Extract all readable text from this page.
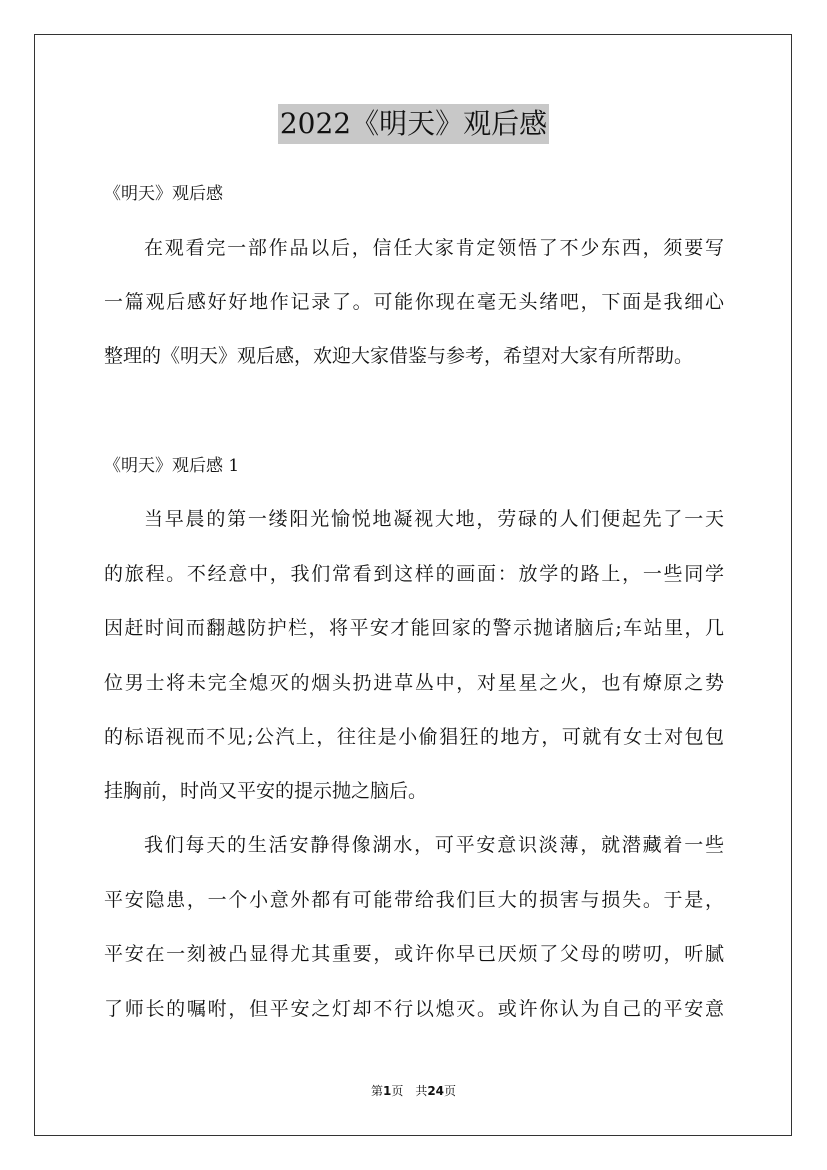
2022《明天》观后感
《明天》观后感
在观看完一部作品以后，信任大家肯定领悟了不少东西，须要写
一篇观后感好好地作记录了。可能你现在毫无头绪吧，下面是我细心
整理的《明天》观后感，欢迎大家借鉴与参考，希望对大家有所帮助。
《明天》观后感 1
当早晨的第一缕阳光愉悦地凝视大地，劳碌的人们便起先了一天
的旅程。不经意中，我们常看到这样的画面：放学的路上，一些同学
因赶时间而翻越防护栏，将平安才能回家的警示抛诸脑后;车站里，几
位男士将未完全熄灭的烟头扔进草丛中，对星星之火，也有燎原之势
的标语视而不见;公汽上，往往是小偷猖狂的地方，可就有女士对包包
挂胸前，时尚又平安的提示抛之脑后。
我们每天的生活安静得像湖水，可平安意识淡薄，就潜藏着一些
平安隐患，一个小意外都有可能带给我们巨大的损害与损失。于是，
平安在一刻被凸显得尤其重要，或许你早已厌烦了父母的唠叨，听腻
了师长的嘱咐，但平安之灯却不行以熄灭。或许你认为自己的平安意
第1页　共24页
